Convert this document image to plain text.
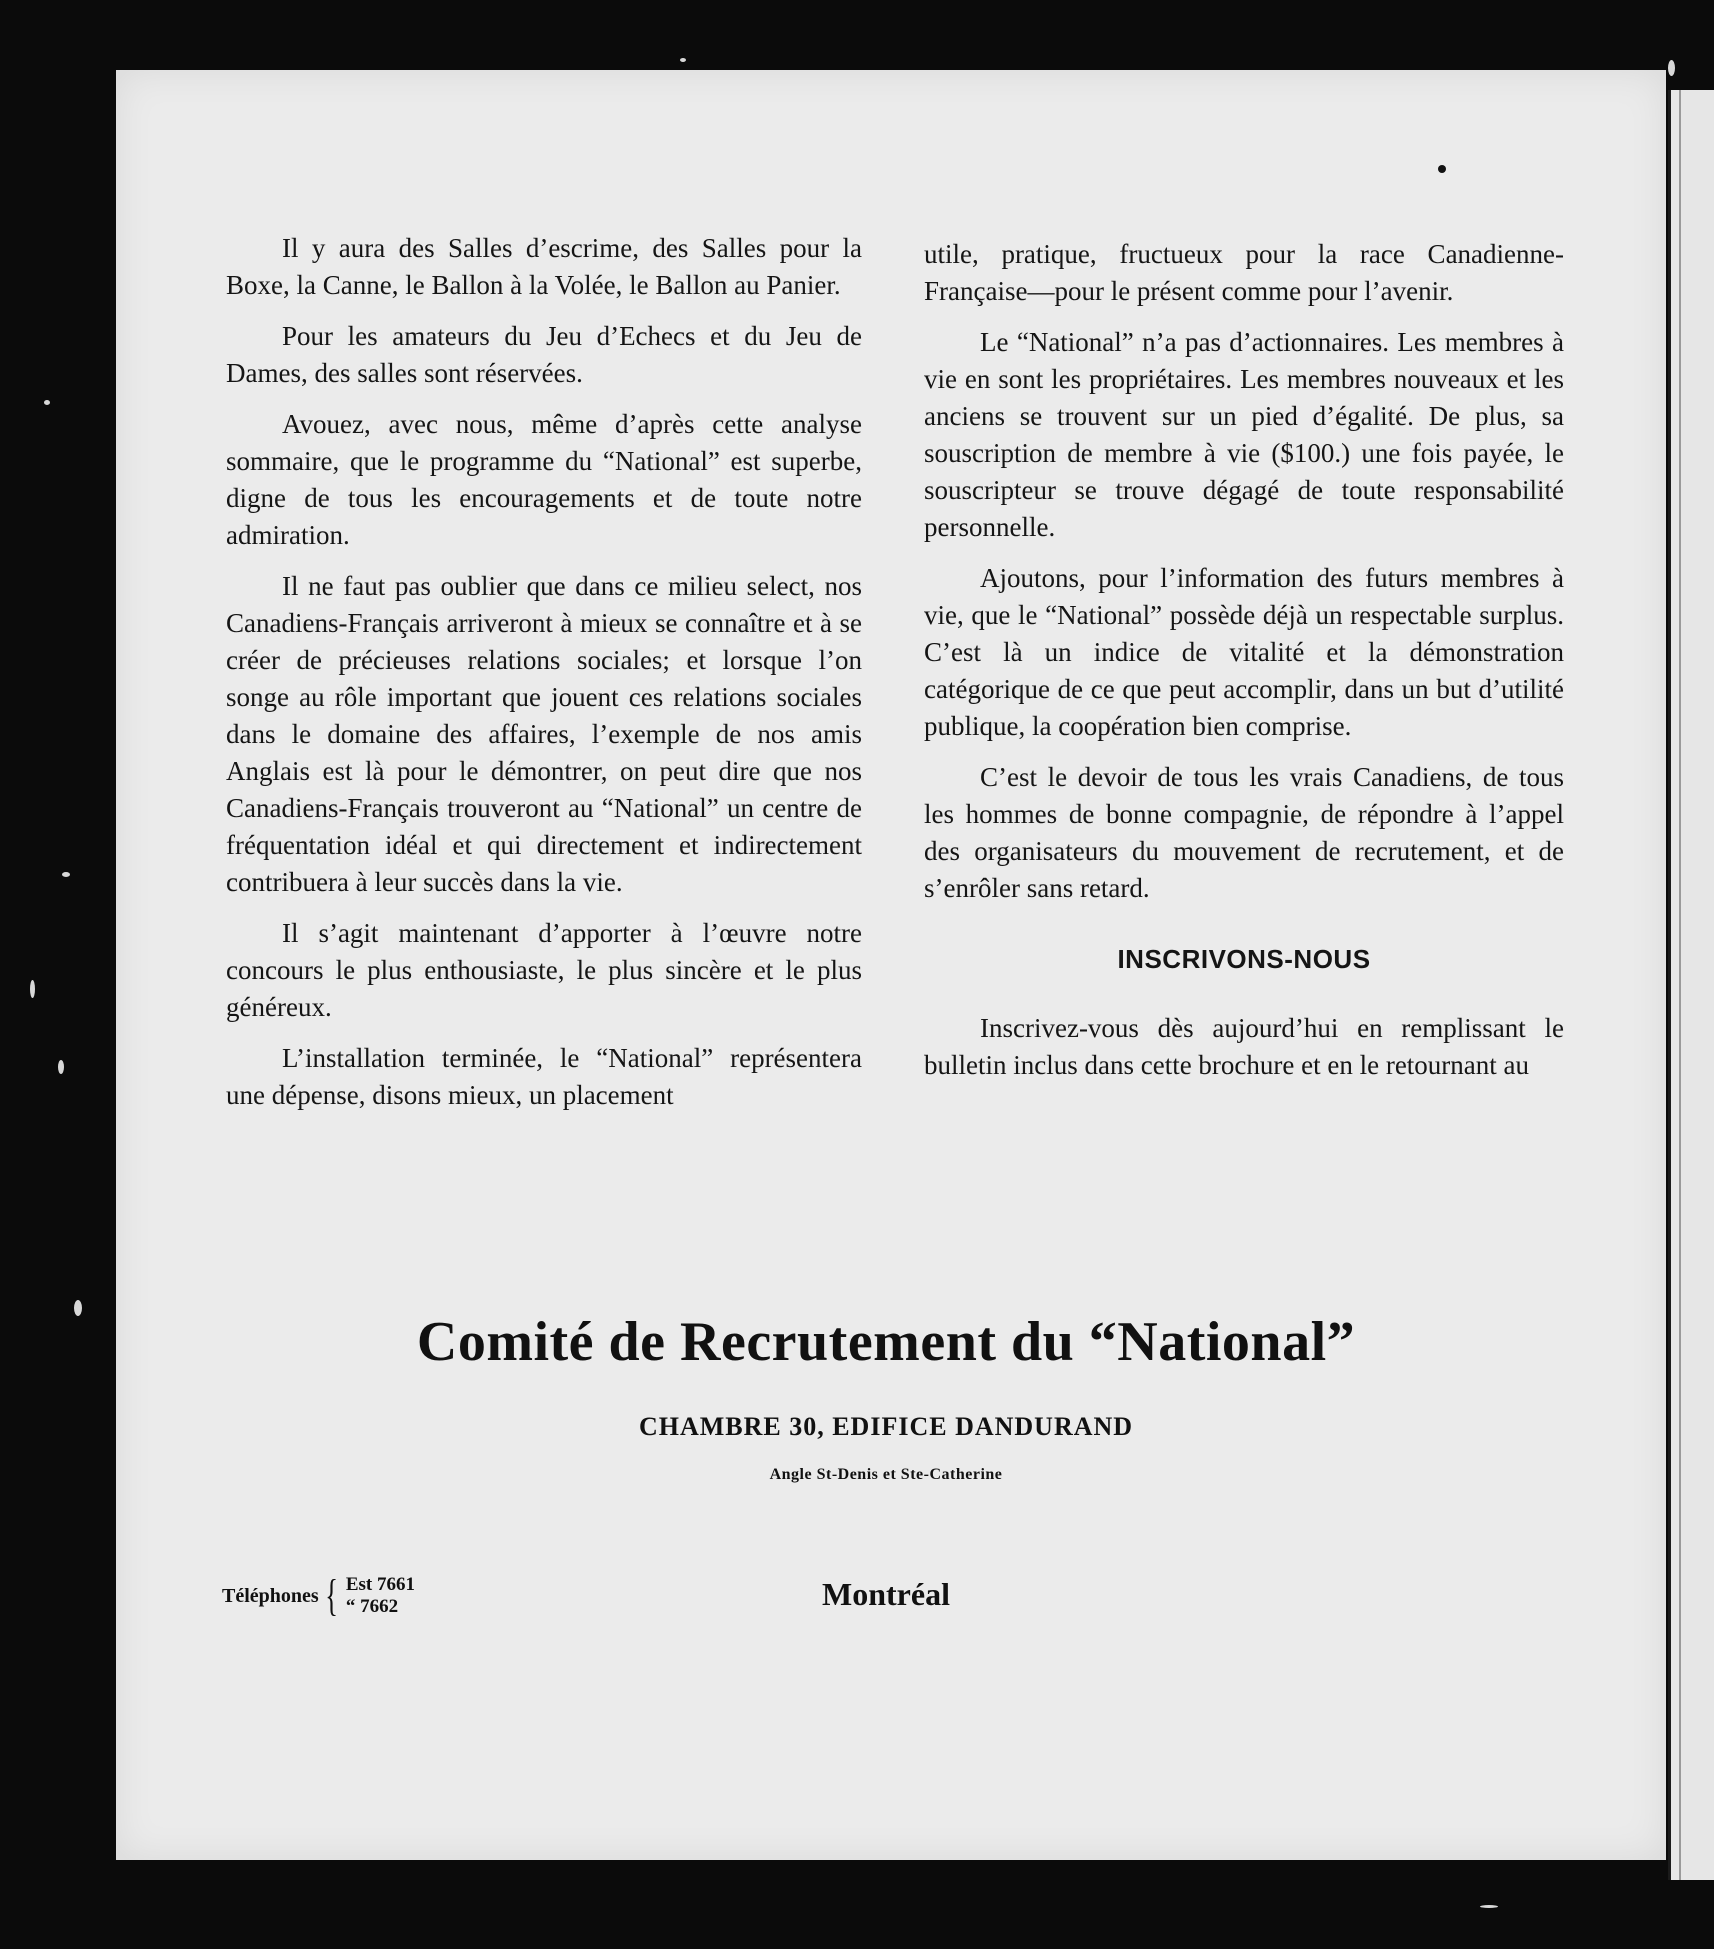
Il y aura des Salles d’escrime, des Salles pour la Boxe, la Canne, le Ballon à la Volée, le Ballon au Panier.

Pour les amateurs du Jeu d’Echecs et du Jeu de Dames, des salles sont réservées.

Avouez, avec nous, même d’après cette analyse sommaire, que le programme du “National” est superbe, digne de tous les encouragements et de toute notre admiration.

Il ne faut pas oublier que dans ce milieu select, nos Canadiens-Français arriveront à mieux se connaître et à se créer de précieuses relations sociales; et lorsque l’on songe au rôle important que jouent ces relations sociales dans le domaine des affaires, l’exemple de nos amis Anglais est là pour le démontrer, on peut dire que nos Canadiens-Français trouveront au “National” un centre de fréquentation idéal et qui directement et indirectement contribuera à leur succès dans la vie.

Il s’agit maintenant d’apporter à l’œuvre notre concours le plus enthousiaste, le plus sincère et le plus généreux.

L’installation terminée, le “National” représentera une dépense, disons mieux, un placement

utile, pratique, fructueux pour la race Canadienne-Française—pour le présent comme pour l’avenir.

Le “National” n’a pas d’actionnaires. Les membres à vie en sont les propriétaires. Les membres nouveaux et les anciens se trouvent sur un pied d’égalité. De plus, sa souscription de membre à vie ($100.) une fois payée, le souscripteur se trouve dégagé de toute responsabilité personnelle.

Ajoutons, pour l’information des futurs membres à vie, que le “National” possède déjà un respectable surplus. C’est là un indice de vitalité et la démonstration catégorique de ce que peut accomplir, dans un but d’utilité publique, la coopération bien comprise.

C’est le devoir de tous les vrais Canadiens, de tous les hommes de bonne compagnie, de répondre à l’appel des organisateurs du mouvement de recrutement, et de s’enrôler sans retard.

INSCRIVONS-NOUS

Inscrivez-vous dès aujourd’hui en remplissant le bulletin inclus dans cette brochure et en le retournant au

Comité de Recrutement du “National”
CHAMBRE 30, EDIFICE DANDURAND
Angle St-Denis et Ste-Catherine
Téléphones { Est 7661
“ 7662	Montréal
